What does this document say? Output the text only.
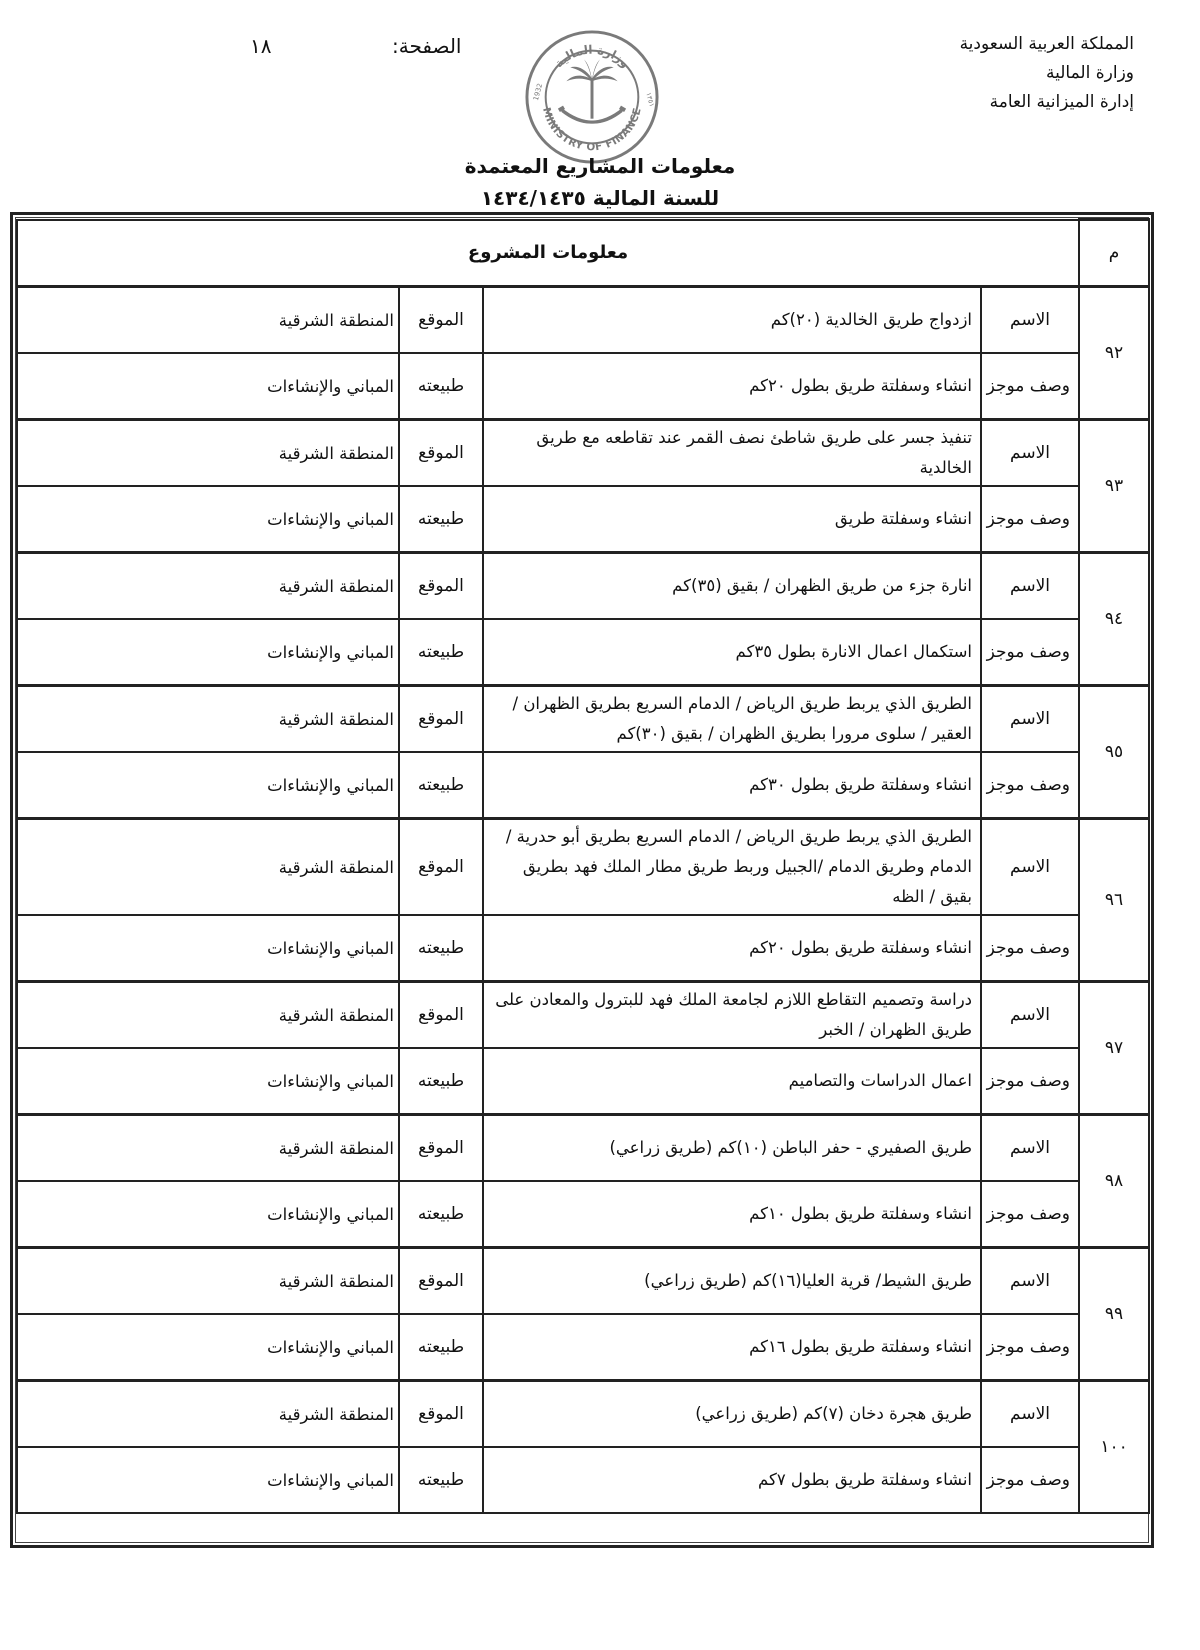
المملكة العربية السعودية
وزارة المالية
إدارة الميزانية العامة
الصفحة:
١٨
وزارة المالية
MINISTRY OF FINANCE
1932	١٣٥١
معلومات المشاريع المعتمدة
للسنة المالية ١٤٣٤/١٤٣٥
م	معلومات المشروع			
٩٢	الاسم	ازدواج طريق الخالدية (٢٠)كم	الموقع	المنطقة الشرقية
	وصف موجز	انشاء وسفلتة طريق بطول ٢٠كم	طبيعته	المباني والإنشاءات
٩٣	الاسم	تنفيذ جسر على طريق شاطئ نصف القمر عند تقاطعه مع طريق الخالدية	الموقع	المنطقة الشرقية
	وصف موجز	انشاء وسفلتة طريق	طبيعته	المباني والإنشاءات
٩٤	الاسم	انارة جزء من طريق الظهران / بقيق (٣٥)كم	الموقع	المنطقة الشرقية
	وصف موجز	استكمال اعمال الانارة بطول ٣٥كم	طبيعته	المباني والإنشاءات
٩٥	الاسم	الطريق الذي يربط طريق الرياض / الدمام السريع بطريق الظهران / العقير / سلوى مرورا بطريق الظهران / بقيق (٣٠)كم	الموقع	المنطقة الشرقية
	وصف موجز	انشاء وسفلتة طريق بطول ٣٠كم	طبيعته	المباني والإنشاءات
٩٦	الاسم	الطريق الذي يربط طريق الرياض / الدمام السريع بطريق أبو حدرية / الدمام وطريق الدمام /الجبيل وربط طريق مطار الملك فهد بطريق بقيق / الظه	الموقع	المنطقة الشرقية
	وصف موجز	انشاء وسفلتة طريق بطول ٢٠كم	طبيعته	المباني والإنشاءات
٩٧	الاسم	دراسة وتصميم التقاطع اللازم لجامعة الملك فهد للبترول والمعادن على طريق الظهران / الخبر	الموقع	المنطقة الشرقية
	وصف موجز	اعمال الدراسات والتصاميم	طبيعته	المباني والإنشاءات
٩٨	الاسم	طريق الصفيري - حفر الباطن (١٠)كم (طريق زراعي)	الموقع	المنطقة الشرقية
	وصف موجز	انشاء وسفلتة طريق بطول ١٠كم	طبيعته	المباني والإنشاءات
٩٩	الاسم	طريق الشيط/ قرية العليا(١٦)كم (طريق زراعي)	الموقع	المنطقة الشرقية
	وصف موجز	انشاء وسفلتة طريق بطول ١٦كم	طبيعته	المباني والإنشاءات
١٠٠	الاسم	طريق هجرة دخان (٧)كم (طريق زراعي)	الموقع	المنطقة الشرقية
	وصف موجز	انشاء وسفلتة طريق بطول ٧كم	طبيعته	المباني والإنشاءات
